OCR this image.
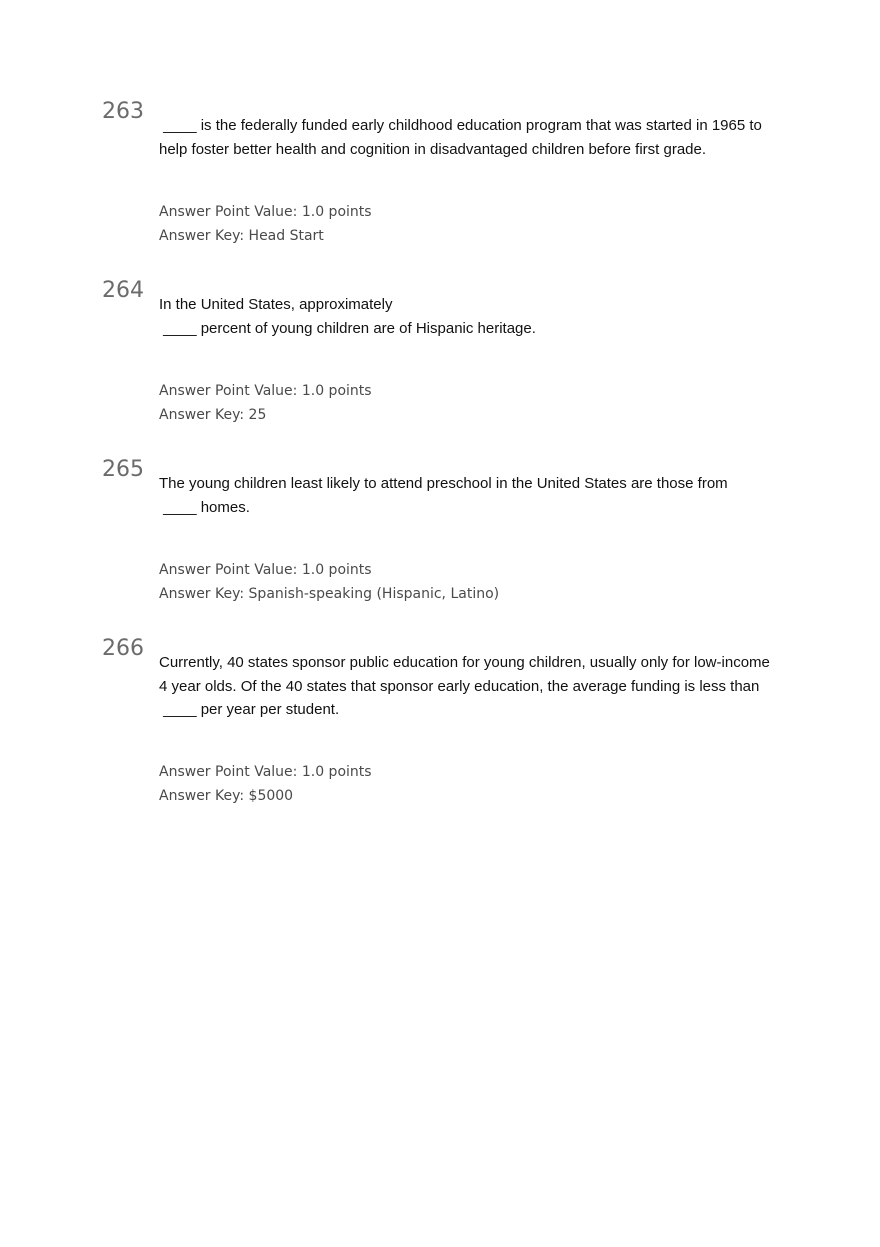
263
____ is the federally funded early childhood education program that was started in 1965 to
help foster better health and cognition in disadvantaged children before first grade.
Answer Point Value: 1.0 points
Answer Key: Head Start
264
In the United States, approximately
____ percent of young children are of Hispanic heritage.
Answer Point Value: 1.0 points
Answer Key: 25
265
The young children least likely to attend preschool in the United States are those from
____ homes.
Answer Point Value: 1.0 points
Answer Key: Spanish-speaking (Hispanic, Latino)
266
Currently, 40 states sponsor public education for young children, usually only for low-income
4 year olds. Of the 40 states that sponsor early education, the average funding is less than
____ per year per student.
Answer Point Value: 1.0 points
Answer Key: $5000
